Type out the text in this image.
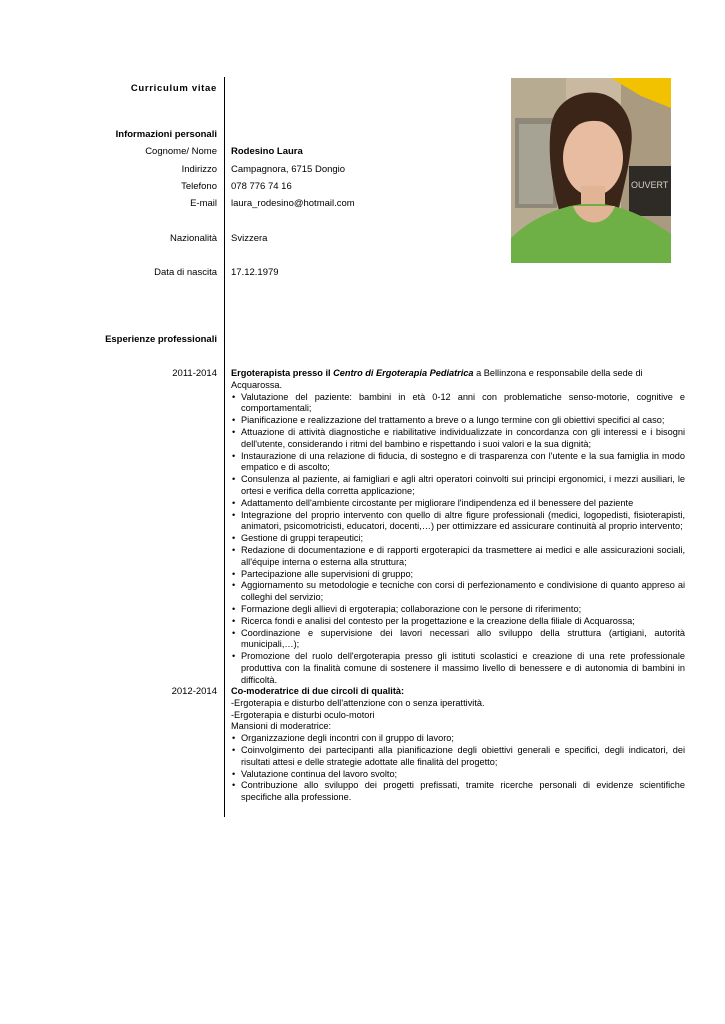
Curriculum vitae
Informazioni personali
Cognome/ Nome Rodesino Laura
Indirizzo Campagnora, 6715 Dongio
Telefono 078 776 74 16
E-mail laura_rodesino@hotmail.com
Nazionalità Svizzera
Data di nascita 17.12.1979
OUVERT
Esperienze professionali
2011-2014 Ergoterapista presso il Centro di Ergoterapia Pediatrica a Bellinzona e responsabile della sede di Acquarossa.

• Valutazione del paziente: bambini in età 0-12 anni con problematiche senso-motorie, cognitive e comportamentali;
• Pianificazione e realizzazione del trattamento a breve o a lungo termine con gli obiettivi specifici al caso;
• Attuazione di attività diagnostiche e riabilitative individualizzate in concordanza con gli interessi e i bisogni dell'utente, considerando i ritmi del bambino e rispettando i suoi valori e la sua dignità;
• Instaurazione di una relazione di fiducia, di sostegno e di trasparenza con l'utente e la sua famiglia in modo empatico e di ascolto;
• Consulenza al paziente, ai famigliari e agli altri operatori coinvolti sui principi ergonomici, i mezzi ausiliari, le ortesi e verifica della corretta applicazione;
• Adattamento dell'ambiente circostante per migliorare l'indipendenza ed il benessere del paziente
• Integrazione del proprio intervento con quello di altre figure professionali (medici, logopedisti, fisioterapisti, animatori, psicomotricisti, educatori, docenti,…) per ottimizzare ed assicurare continuità al proprio intervento;
• Gestione di gruppi terapeutici;
• Redazione di documentazione e di rapporti ergoterapici da trasmettere ai medici e alle assicurazioni sociali, all'équipe interna o esterna alla struttura;
• Partecipazione alle supervisioni di gruppo;
• Aggiornamento su metodologie e tecniche con corsi di perfezionamento e condivisione di quanto appreso ai colleghi del servizio;
• Formazione degli allievi di ergoterapia; collaborazione con le persone di riferimento;
• Ricerca fondi e analisi del contesto per la progettazione e la creazione della filiale di Acquarossa;
• Coordinazione e supervisione dei lavori necessari allo sviluppo della struttura (artigiani, autorità municipali,…);
• Promozione del ruolo dell'ergoterapia presso gli istituti scolastici e creazione di una rete professionale produttiva con la finalità comune di sostenere il massimo livello di benessere e di autonomia di bambini in difficoltà.
2012-2014 Co-moderatrice di due circoli di qualità:

-Ergoterapia e disturbo dell'attenzione con o senza iperattività.

-Ergoterapia e disturbi oculo-motori

Mansioni di moderatrice:

• Organizzazione degli incontri con il gruppo di lavoro;
• Coinvolgimento dei partecipanti alla pianificazione degli obiettivi generali e specifici, degli indicatori, dei risultati attesi e delle strategie adottate alle finalità del progetto;
• Valutazione continua del lavoro svolto;
• Contribuzione allo sviluppo dei progetti prefissati, tramite ricerche personali di evidenze scientifiche specifiche alla professione.
